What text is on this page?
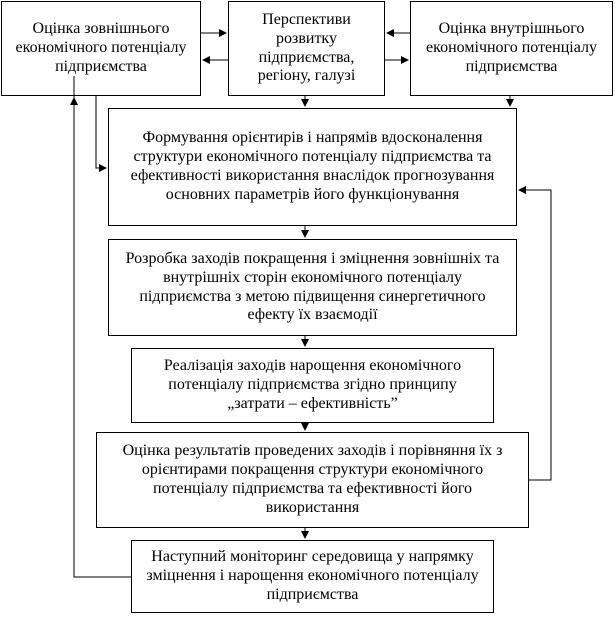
Оцінка зовнішнього економічного потенціалу підприємства
Перспективи розвитку підприємства, регіону, галузі
Оцінка внутрішнього економічного потенціалу підприємства
Формування орієнтирів і напрямів вдосконалення структури економічного потенціалу підприємства та ефективності використання внаслідок прогнозування основних параметрів його функціонування
Розробка заходів покращення і зміцнення зовнішніх та внутрішніх сторін економічного потенціалу підприємства з метою підвищення синергетичного ефекту їх взаємодії
Реалізація заходів нарощення економічного потенціалу підприємства згідно принципу „затрати – ефективність”
Оцінка результатів проведених заходів і порівняння їх з орієнтирами покращення структури економічного потенціалу підприємства та ефективності його використання
Наступний моніторинг середовища у напрямку зміцнення і нарощення економічного потенціалу підприємства
